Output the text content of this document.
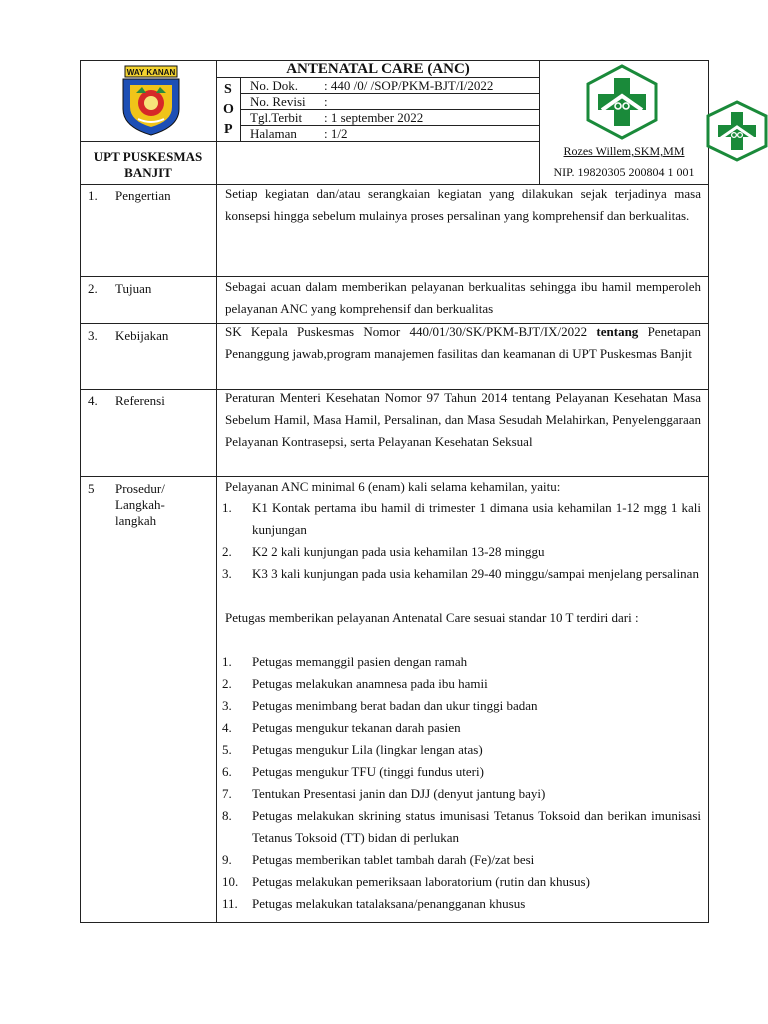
WAY KANAN	ANTENATAL CARE (ANC)
S
O
P
No. Dok. : 440 /0/ /SOP/PKM-BJT/I/2022
No. Revisi :
Tgl.Terbit : 1 september 2022
Halaman : 1/2
UPT PUSKESMAS
BANJIT
Rozes Willem,SKM,MM
NIP. 19820305 200804 1 001
1. Pengertian	Setiap kegiatan dan/atau serangkaian kegiatan yang dilakukan sejak terjadinya masa konsepsi hingga sebelum mulainya proses persalinan yang komprehensif dan berkualitas.
2. Tujuan	Sebagai acuan dalam memberikan pelayanan berkualitas sehingga ibu hamil memperoleh pelayanan ANC yang komprehensif dan berkualitas
3. Kebijakan	SK Kepala Puskesmas Nomor 440/01/30/SK/PKM-BJT/IX/2022 tentang Penetapan Penanggung jawab,program manajemen fasilitas dan keamanan di UPT Puskesmas Banjit
4. Referensi	Peraturan Menteri Kesehatan Nomor 97 Tahun 2014 tentang Pelayanan Kesehatan Masa Sebelum Hamil, Masa Hamil, Persalinan, dan Masa Sesudah Melahirkan, Penyelenggaraan Pelayanan Kontrasepsi, serta Pelayanan Kesehatan Seksual
5 Prosedur/
Langkah-
langkah
Pelayanan ANC minimal 6 (enam) kali selama kehamilan, yaitu:
1. K1 Kontak pertama ibu hamil di trimester 1 dimana usia kehamilan 1-12 mgg 1 kali kunjungan
2. K2 2 kali kunjungan pada usia kehamilan 13-28 minggu
3. K3 3 kali kunjungan pada usia kehamilan 29-40 minggu/sampai menjelang persalinan
Petugas memberikan pelayanan Antenatal Care sesuai standar 10 T terdiri dari :
1. Petugas memanggil pasien dengan ramah
2. Petugas melakukan anamnesa pada ibu hamii
3. Petugas menimbang berat badan dan ukur tinggi badan
4. Petugas mengukur tekanan darah pasien
5. Petugas mengukur Lila (lingkar lengan atas)
6. Petugas mengukur TFU (tinggi fundus uteri)
7. Tentukan Presentasi janin dan DJJ (denyut jantung bayi)
8. Petugas melakukan skrining status imunisasi Tetanus Toksoid dan berikan imunisasi Tetanus Toksoid (TT) bidan di perlukan
9. Petugas memberikan tablet tambah darah (Fe)/zat besi
10. Petugas melakukan pemeriksaan laboratorium (rutin dan khusus)
11. Petugas melakukan tatalaksana/penangganan khusus
